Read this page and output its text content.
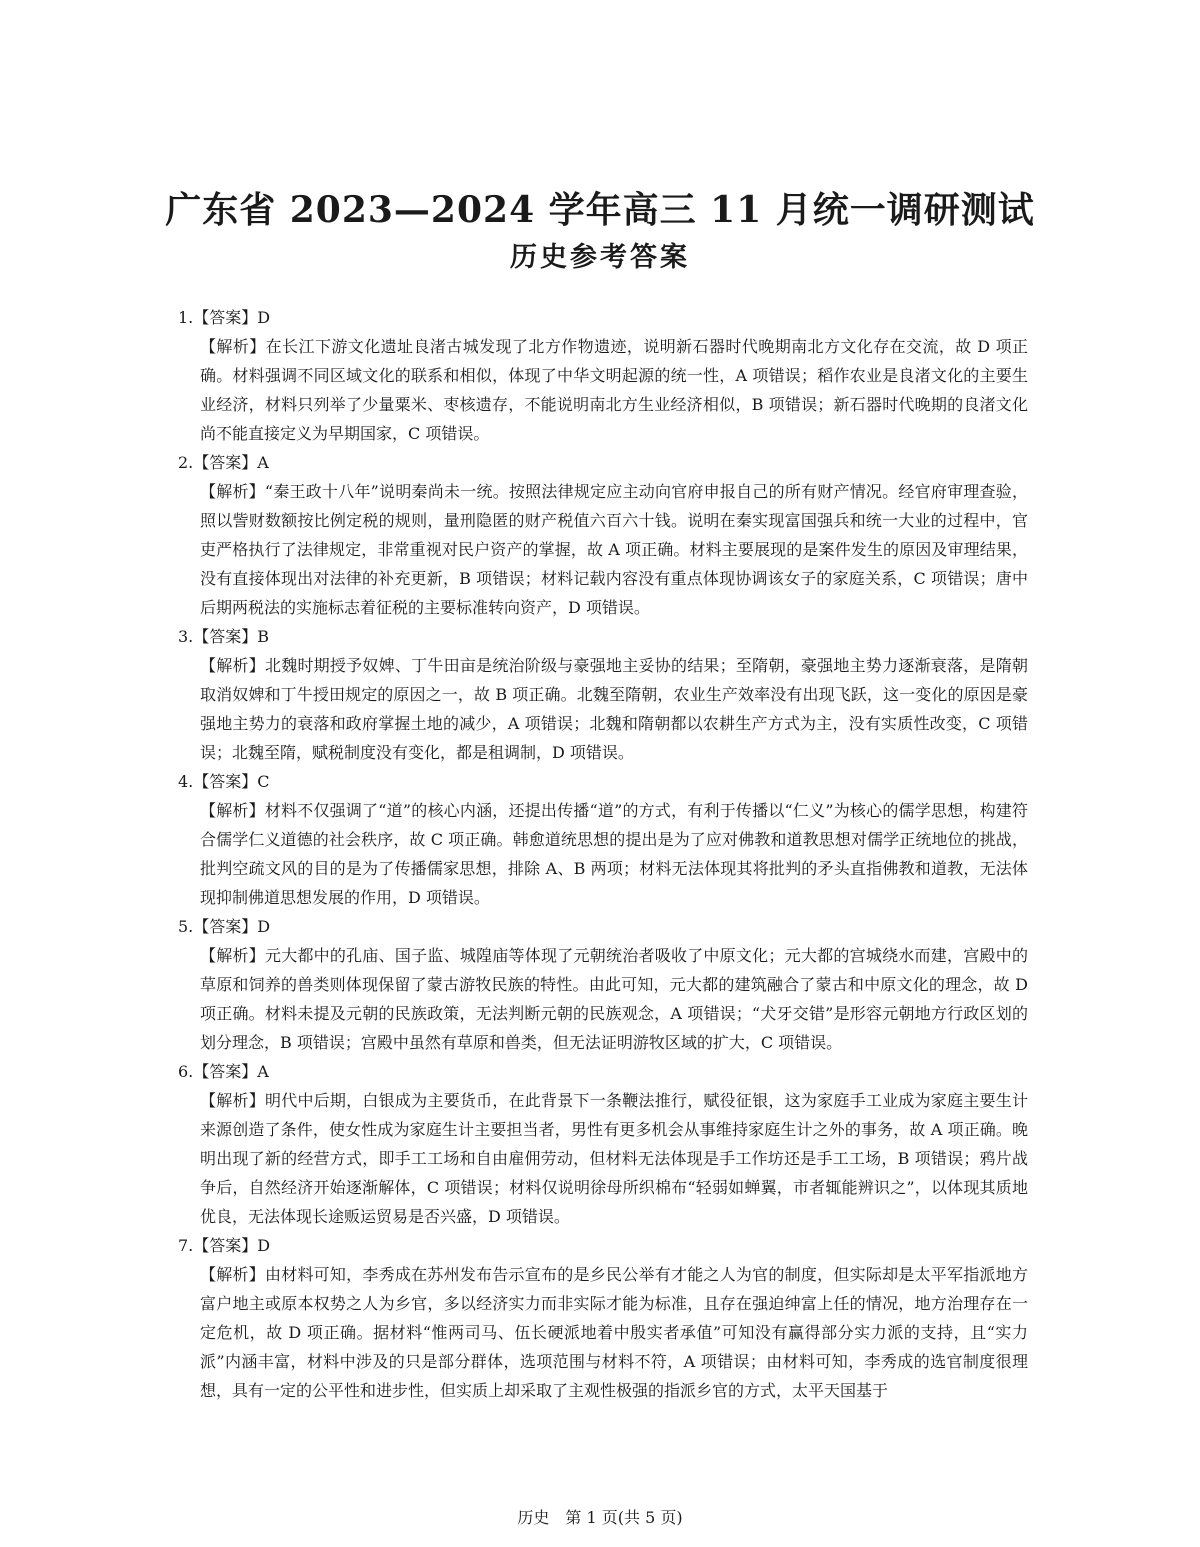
广东省 2023—2024 学年高三 11 月统一调研测试
历史参考答案
1.【答案】D
【解析】在长江下游文化遗址良渚古城发现了北方作物遗迹，说明新石器时代晚期南北方文化存在交流，故 D 项正确。材料强调不同区域文化的联系和相似，体现了中华文明起源的统一性，A 项错误；稻作农业是良渚文化的主要生业经济，材料只列举了少量粟米、枣核遗存，不能说明南北方生业经济相似，B 项错误；新石器时代晚期的良渚文化尚不能直接定义为早期国家，C 项错误。
2.【答案】A
【解析】“秦王政十八年”说明秦尚未一统。按照法律规定应主动向官府申报自己的所有财产情况。经官府审理查验，照以訾财数额按比例定税的规则，量刑隐匿的财产税值六百六十钱。说明在秦实现富国强兵和统一大业的过程中，官吏严格执行了法律规定，非常重视对民户资产的掌握，故 A 项正确。材料主要展现的是案件发生的原因及审理结果，没有直接体现出对法律的补充更新，B 项错误；材料记载内容没有重点体现协调该女子的家庭关系，C 项错误；唐中后期两税法的实施标志着征税的主要标准转向资产，D 项错误。
3.【答案】B
【解析】北魏时期授予奴婢、丁牛田亩是统治阶级与豪强地主妥协的结果；至隋朝，豪强地主势力逐渐衰落，是隋朝取消奴婢和丁牛授田规定的原因之一，故 B 项正确。北魏至隋朝，农业生产效率没有出现飞跃，这一变化的原因是豪强地主势力的衰落和政府掌握土地的减少，A 项错误；北魏和隋朝都以农耕生产方式为主，没有实质性改变，C 项错误；北魏至隋，赋税制度没有变化，都是租调制，D 项错误。
4.【答案】C
【解析】材料不仅强调了“道”的核心内涵，还提出传播“道”的方式，有利于传播以“仁义”为核心的儒学思想，构建符合儒学仁义道德的社会秩序，故 C 项正确。韩愈道统思想的提出是为了应对佛教和道教思想对儒学正统地位的挑战，批判空疏文风的目的是为了传播儒家思想，排除 A、B 两项；材料无法体现其将批判的矛头直指佛教和道教，无法体现抑制佛道思想发展的作用，D 项错误。
5.【答案】D
【解析】元大都中的孔庙、国子监、城隍庙等体现了元朝统治者吸收了中原文化；元大都的宫城绕水而建，宫殿中的草原和饲养的兽类则体现保留了蒙古游牧民族的特性。由此可知，元大都的建筑融合了蒙古和中原文化的理念，故 D 项正确。材料未提及元朝的民族政策，无法判断元朝的民族观念，A 项错误；“犬牙交错”是形容元朝地方行政区划的划分理念，B 项错误；宫殿中虽然有草原和兽类，但无法证明游牧区域的扩大，C 项错误。
6.【答案】A
【解析】明代中后期，白银成为主要货币，在此背景下一条鞭法推行，赋役征银，这为家庭手工业成为家庭主要生计来源创造了条件，使女性成为家庭生计主要担当者，男性有更多机会从事维持家庭生计之外的事务，故 A 项正确。晚明出现了新的经营方式，即手工工场和自由雇佣劳动，但材料无法体现是手工作坊还是手工工场，B 项错误；鸦片战争后，自然经济开始逐渐解体，C 项错误；材料仅说明徐母所织棉布“轻弱如蝉翼，市者辄能辨识之”，以体现其质地优良，无法体现长途贩运贸易是否兴盛，D 项错误。
7.【答案】D
【解析】由材料可知，李秀成在苏州发布告示宣布的是乡民公举有才能之人为官的制度，但实际却是太平军指派地方富户地主或原本权势之人为乡官，多以经济实力而非实际才能为标准，且存在强迫绅富上任的情况，地方治理存在一定危机，故 D 项正确。据材料“惟两司马、伍长硬派地着中殷实者承值”可知没有赢得部分实力派的支持，且“实力派”内涵丰富，材料中涉及的只是部分群体，选项范围与材料不符，A 项错误；由材料可知，李秀成的选官制度很理想，具有一定的公平性和进步性，但实质上却采取了主观性极强的指派乡官的方式，太平天国基于
历史　第 1 页(共 5 页)
